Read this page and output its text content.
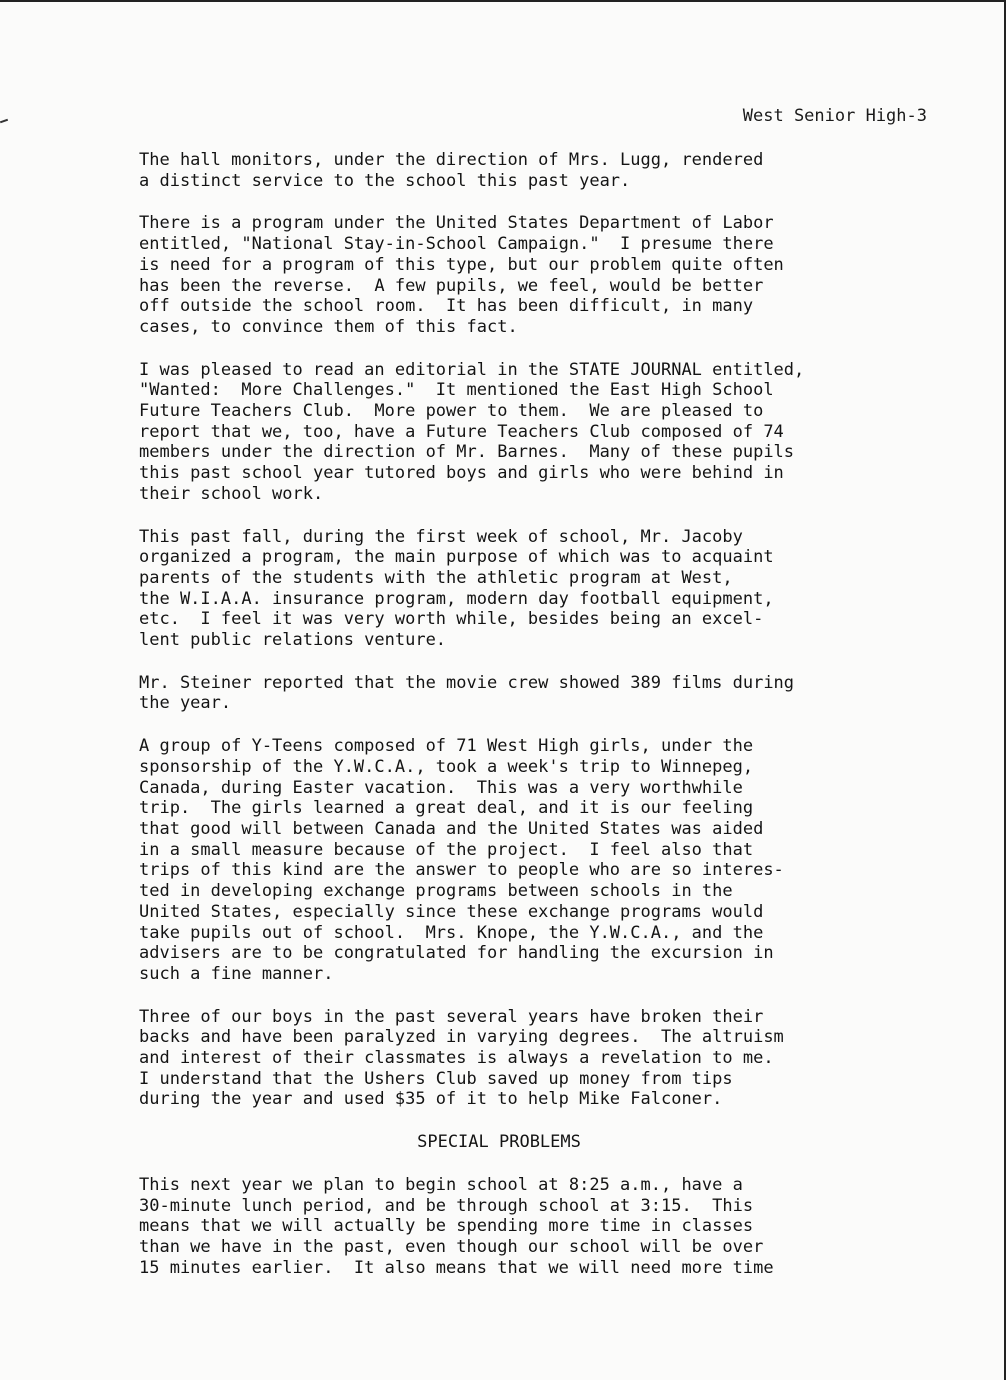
West Senior High-3
The hall monitors, under the direction of Mrs. Lugg, rendered
a distinct service to the school this past year.
There is a program under the United States Department of Labor
entitled, "National Stay-in-School Campaign."  I presume there
is need for a program of this type, but our problem quite often
has been the reverse.  A few pupils, we feel, would be better
off outside the school room.  It has been difficult, in many
cases, to convince them of this fact.
I was pleased to read an editorial in the STATE JOURNAL entitled,
"Wanted:  More Challenges."  It mentioned the East High School
Future Teachers Club.  More power to them.  We are pleased to
report that we, too, have a Future Teachers Club composed of 74
members under the direction of Mr. Barnes.  Many of these pupils
this past school year tutored boys and girls who were behind in
their school work.
This past fall, during the first week of school, Mr. Jacoby
organized a program, the main purpose of which was to acquaint
parents of the students with the athletic program at West,
the W.I.A.A. insurance program, modern day football equipment,
etc.  I feel it was very worth while, besides being an excel-
lent public relations venture.
Mr. Steiner reported that the movie crew showed 389 films during
the year.
A group of Y-Teens composed of 71 West High girls, under the
sponsorship of the Y.W.C.A., took a week's trip to Winnepeg,
Canada, during Easter vacation.  This was a very worthwhile
trip.  The girls learned a great deal, and it is our feeling
that good will between Canada and the United States was aided
in a small measure because of the project.  I feel also that
trips of this kind are the answer to people who are so interes-
ted in developing exchange programs between schools in the
United States, especially since these exchange programs would
take pupils out of school.  Mrs. Knope, the Y.W.C.A., and the
advisers are to be congratulated for handling the excursion in
such a fine manner.
Three of our boys in the past several years have broken their
backs and have been paralyzed in varying degrees.  The altruism
and interest of their classmates is always a revelation to me.
I understand that the Ushers Club saved up money from tips
during the year and used $35 of it to help Mike Falconer.
SPECIAL PROBLEMS
This next year we plan to begin school at 8:25 a.m., have a
30-minute lunch period, and be through school at 3:15.  This
means that we will actually be spending more time in classes
than we have in the past, even though our school will be over
15 minutes earlier.  It also means that we will need more time
